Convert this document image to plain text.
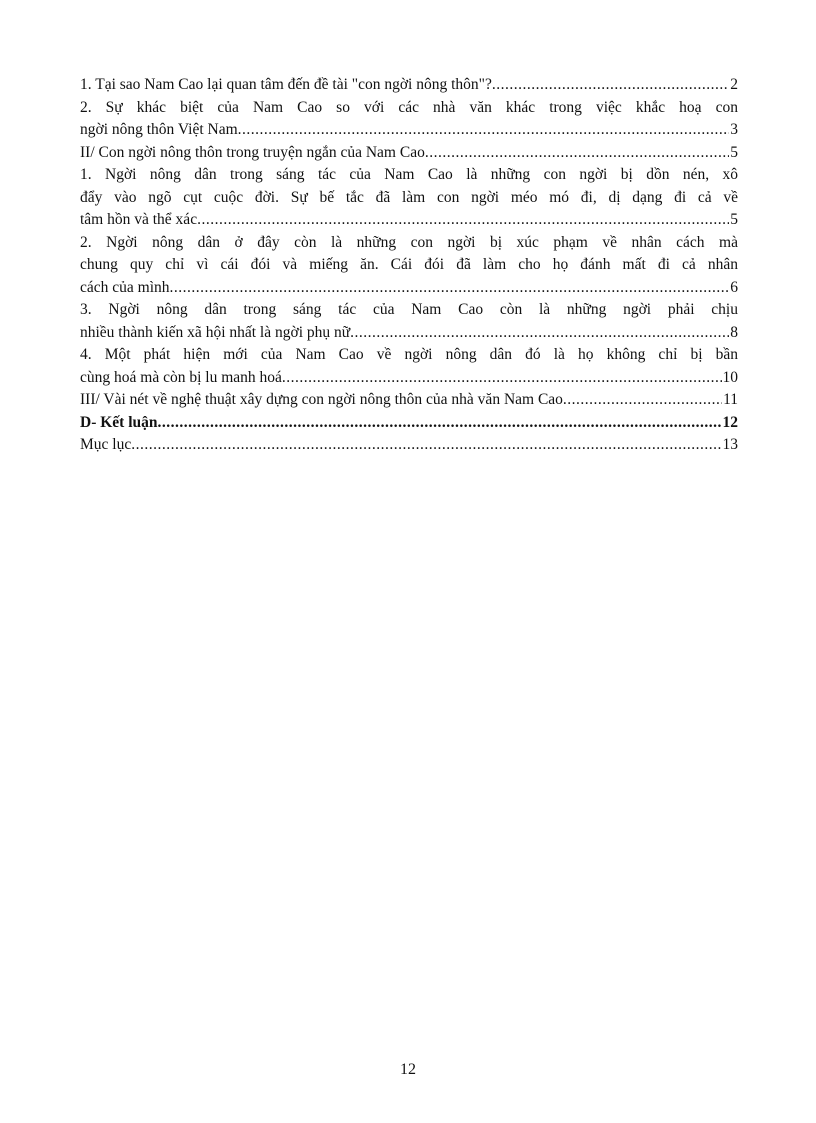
1. Tại sao Nam Cao lại quan tâm đến đề tài "con ngời nông thôn"? .....	2
2. Sự khác biệt của Nam Cao so với các nhà văn khác trong việc khắc hoạ con
ngời nông thôn Việt Nam .....	3
II/ Con ngời nông thôn trong truyện ngắn của Nam Cao .....	5
1. Ngời nông dân trong sáng tác của Nam Cao là những con ngời bị dồn nén, xô
đẩy vào ngõ cụt cuộc đời. Sự bế tắc đã làm con ngời méo mó đi, dị dạng đi cả về
tâm hồn và thể xác .....	5
2. Ngời nông dân ở đây còn là những con ngời bị xúc phạm về nhân cách mà
chung quy chỉ vì cái đói và miếng ăn. Cái đói đã làm cho họ đánh mất đi cả nhân
cách của mình .....	6
3. Ngời nông dân trong sáng tác của Nam Cao còn là những ngời phải chịu
nhiều thành kiến xã hội nhất là ngời phụ nữ .....	8
4. Một phát hiện mới của Nam Cao về ngời nông dân đó là họ không chỉ bị bần
cùng hoá mà còn bị lu manh hoá .....	10
III/ Vài nét về nghệ thuật xây dựng con ngời nông thôn của nhà văn Nam Cao .....	11
D- Kết luận .....	12
Mục lục .....	13
12
